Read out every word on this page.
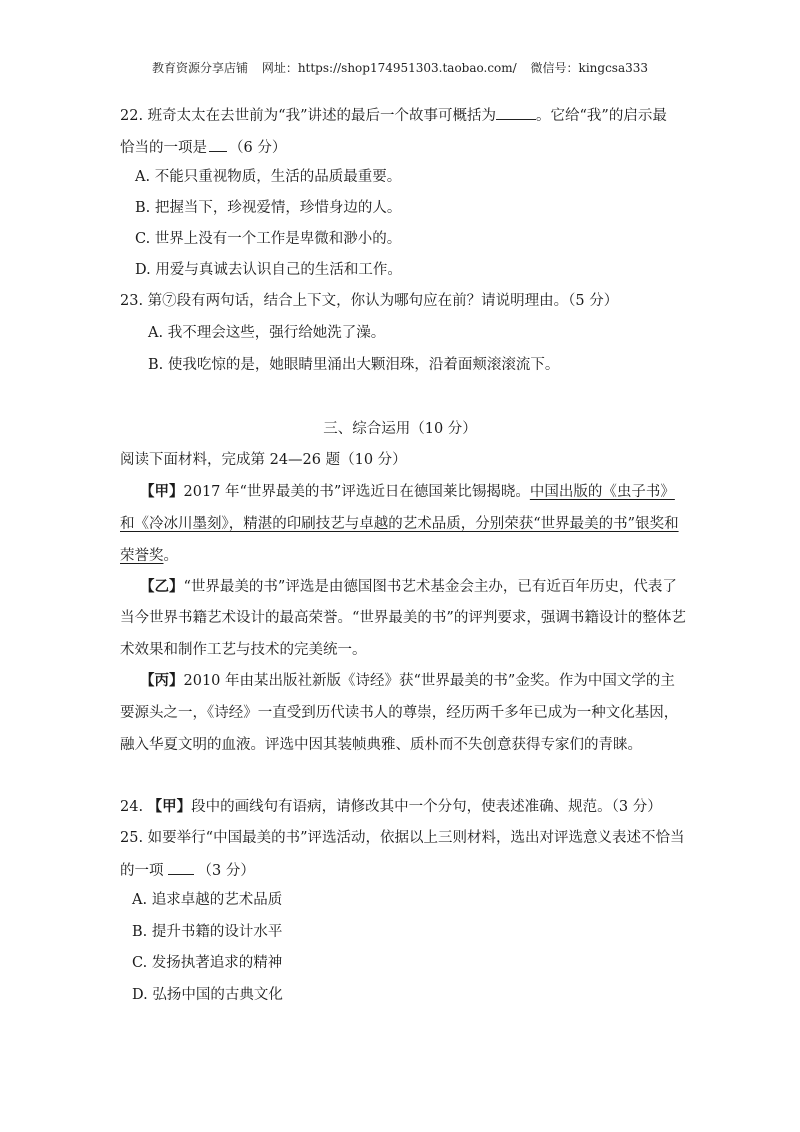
教育资源分享店铺 网址：https://shop174951303.taobao.com/ 微信号：kingcsa333
22. 班奇太太在去世前为“我”讲述的最后一个故事可概括为	。它给“我”的启示最
恰当的一项是 （6 分）
A. 不能只重视物质，生活的品质最重要。
B. 把握当下，珍视爱情，珍惜身边的人。
C. 世界上没有一个工作是卑微和渺小的。
D. 用爱与真诚去认识自己的生活和工作。
23. 第⑦段有两句话，结合上下文，你认为哪句应在前？请说明理由。（5 分）
A. 我不理会这些，强行给她洗了澡。
B. 使我吃惊的是，她眼睛里涌出大颗泪珠，沿着面颊滚滚流下。
三、综合运用（10 分）
阅读下面材料，完成第 24—26 题（10 分）
【甲】2017 年“世界最美的书”评选近日在德国莱比锡揭晓。中国出版的《虫子书》
和《冷冰川墨刻》，精湛的印刷技艺与卓越的艺术品质，分别荣获“世界最美的书”银奖和
荣誉奖。
【乙】“世界最美的书”评选是由德国图书艺术基金会主办，已有近百年历史，代表了
当今世界书籍艺术设计的最高荣誉。“世界最美的书”的评判要求，强调书籍设计的整体艺
术效果和制作工艺与技术的完美统一。
【丙】2010 年由某出版社新版《诗经》获“世界最美的书”金奖。作为中国文学的主
要源头之一，《诗经》一直受到历代读书人的尊崇，经历两千多年已成为一种文化基因，
融入华夏文明的血液。评选中因其装帧典雅、质朴而不失创意获得专家们的青睐。
24. 【甲】段中的画线句有语病，请修改其中一个分句，使表述准确、规范。（3 分）
25. 如要举行“中国最美的书”评选活动，依据以上三则材料，选出对评选意义表述不恰当
的一项 （3 分）
A. 追求卓越的艺术品质
B. 提升书籍的设计水平
C. 发扬执著追求的精神
D. 弘扬中国的古典文化
